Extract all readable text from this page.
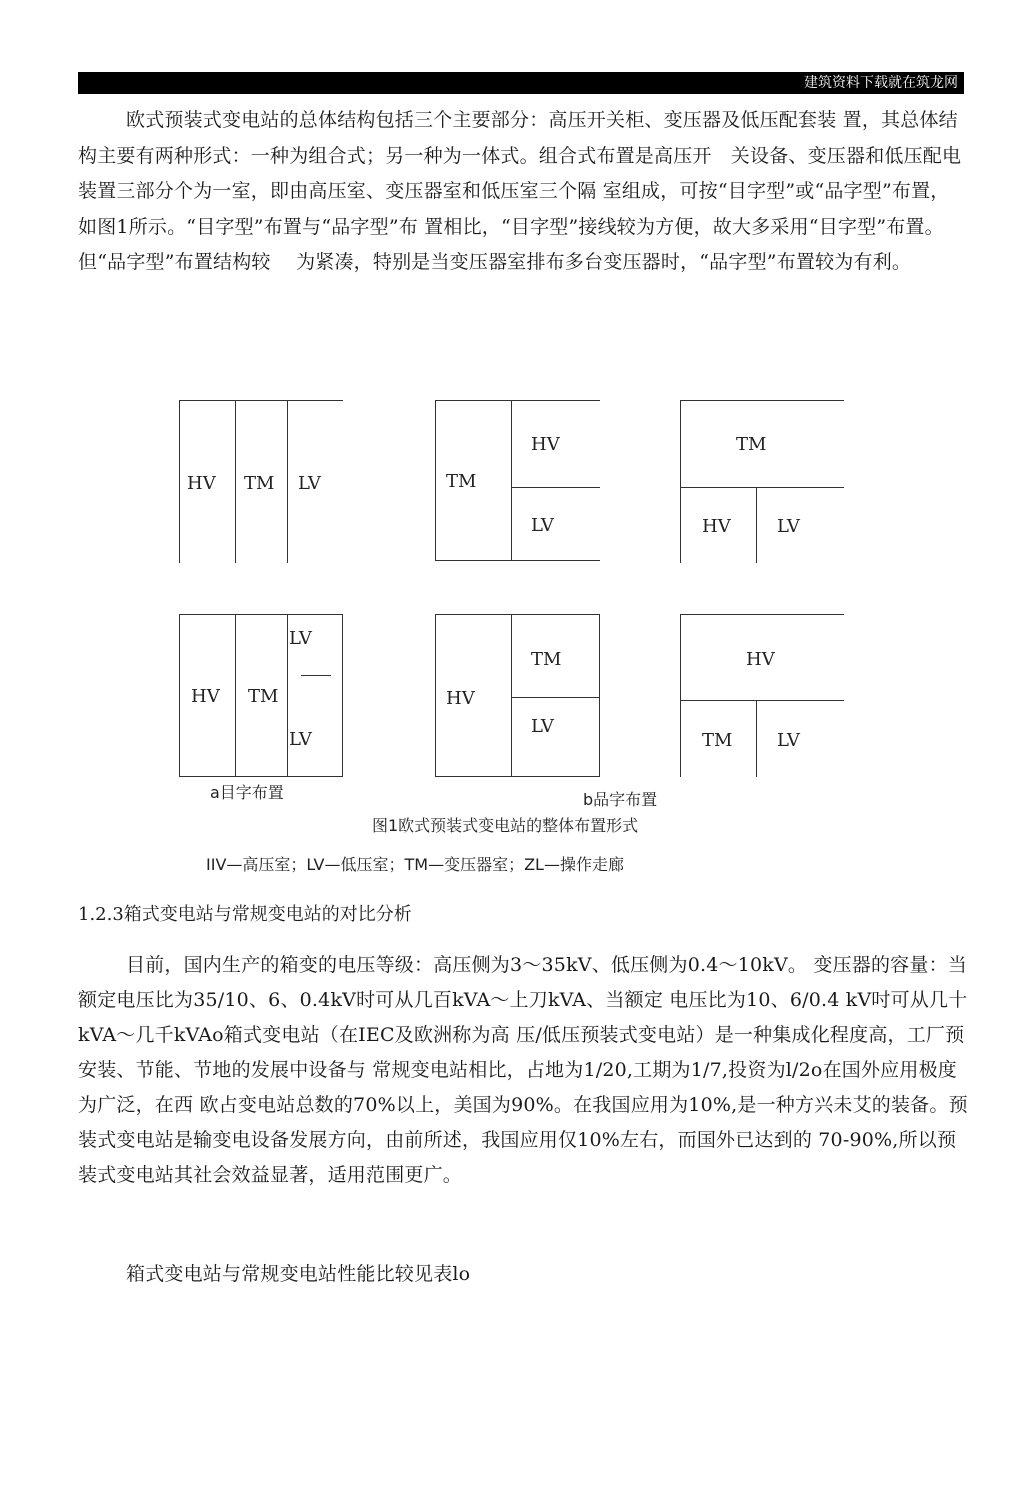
建筑资料下载就在筑龙网
欧式预装式变电站的总体结构包括三个主要部分：高压开关柜、变压器及低压配套装 置，其总体结构主要有两种形式：一种为组合式；另一种为一体式。组合式布置是高压开　关设备、变压器和低压配电装置三部分个为一室，即由高压室、变压器室和低压室三个隔 室组成，可按“目字型”或“品字型”布置，如图1所示。“目字型”布置与“品字型”布 置相比，“目字型”接线较为方便，故大多采用“目字型”布置。但“品字型”布置结构较　 为紧凑，特别是当变压器室排布多台变压器时，“品字型”布置较为有利。
HV TM LV	TM
HV
LV
TM
HV	LV
HV TM
LV
LV
HV
TM
LV
HV
TM LV
a目字布置	b品字布置
图1欧式预装式变电站的整体布置形式
IIV—高压室；LV—低压室；TM—变压器室；ZL—操作走廊
1.2.3箱式变电站与常规变电站的对比分析
目前，国内生产的箱变的电压等级：高压侧为3～35kV、低压侧为0.4～10kV。 变压器的容量：当额定电压比为35/10、6、0.4kV时可从几百kVA～上刀kVA、当额定 电压比为10、6/0.4 kV吋可从几十kVA～几千kVAo箱式变电站（在IEC及欧洲称为高 压/低压预装式变电站）是一种集成化程度高，工厂预安装、节能、节地的发展中设备与 常规变电站相比，占地为1/20,工期为1/7,投资为l/2o在国外应用极度为广泛，在西 欧占变电站总数的70%以上，美国为90%。在我国应用为10%,是一种方兴未艾的装备。预 装式变电站是输变电设备发展方向，由前所述，我国应用仅10%左右，而国外已达到的 70-90%,所以预装式变电站其社会效益显著，适用范围更广。
箱式变电站与常规变电站性能比较见表lo
